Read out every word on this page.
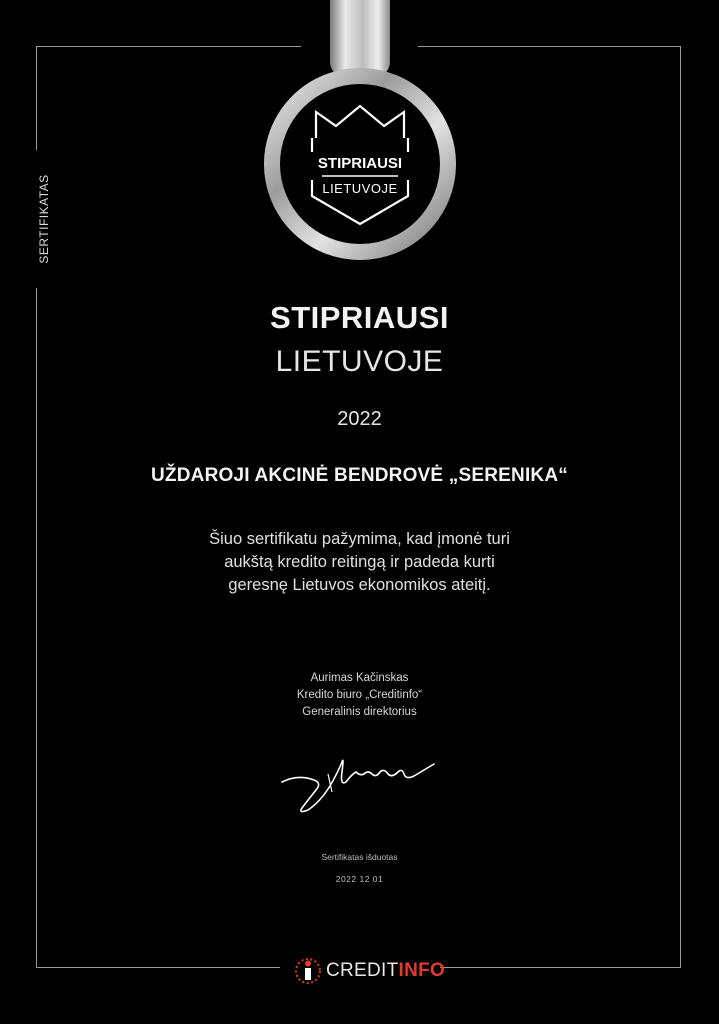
SERTIFIKATAS
STIPRIAUSI
LIETUVOJE
STIPRIAUSI
LIETUVOJE
2022
UŽDAROJI AKCINĖ BENDROVĖ „SERENIKA“
Šiuo sertifikatu pažymima, kad įmonė turi
aukštą kredito reitingą ir padeda kurti
geresnę Lietuvos ekonomikos ateitį.
Aurimas Kačinskas
Kredito biuro „Creditinfo“
Generalinis direktorius
Sertifikatas išduotas
2022 12 01
CREDITINFO
